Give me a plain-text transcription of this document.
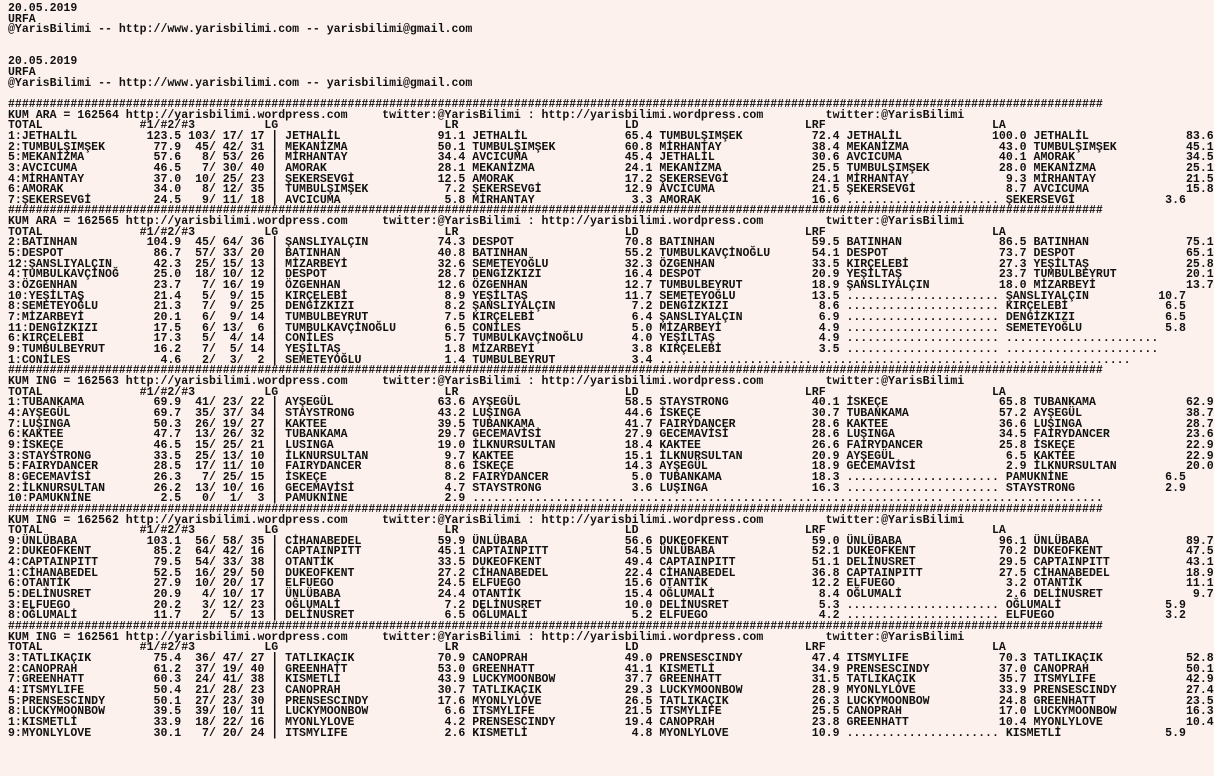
20.05.2019
URFA
@YarisBilimi -- http://www.yarisbilimi.com -- yarisbilimi@gmail.com

20.05.2019
URFA
@YarisBilimi -- http://www.yarisbilimi.com -- yarisbilimi@gmail.com

##############################################################################################################################################################
KUM ARA = 162564 http://yarisbilimi.wordpress.com     twitter:@YarisBilimi : http://yarisbilimi.wordpress.com         twitter:@YarisBilimi
TOTAL              #1/#2/#3          LG                        LR                        LD                        LRF                        LA
1:JETHALİL          123.5 103/ 17/ 17 | JETHALİL              91.1 JETHALİL              65.4 TUMBULŞIMŞEK          72.4 JETHALİL             100.0 JETHALİL              83.6
2:TUMBULŞIMŞEK       77.9  45/ 42/ 31 | MEKANİZMA             50.1 TUMBULŞIMŞEK          60.8 MİRHANTAY             38.4 MEKANİZMA             43.0 TUMBULŞIMŞEK          45.1
5:MEKANİZMA          57.6   8/ 53/ 26 | MİRHANTAY             34.4 AVCICUMA              45.4 JETHALİL              30.6 AVCICUMA              40.1 AMORAK                34.5
3:AVCICUMA           46.5   7/ 30/ 40 | AMORAK                28.1 MEKANİZMA             24.1 MEKANİZMA             25.5 TUMBULŞIMŞEK          28.0 MEKANİZMA             25.1
4:MİRHANTAY          37.0  10/ 25/ 23 | ŞEKERSEVGİ            12.5 AMORAK                17.2 ŞEKERSEVGİ            24.1 MİRHANTAY              9.3 MİRHANTAY             21.5
6:AMORAK             34.0   8/ 12/ 35 | TUMBULŞIMŞEK           7.2 ŞEKERSEVGİ            12.9 AVCICUMA              21.5 ŞEKERSEVGİ             8.7 AVCICUMA              15.8
7:ŞEKERSEVGİ         24.5   9/ 11/ 18 | AVCICUMA               5.8 MİRHANTAY              3.3 AMORAK                16.6 ...................... ŞEKERSEVGİ             3.6
##############################################################################################################################################################
KUM ARA = 162565 http://yarisbilimi.wordpress.com     twitter:@YarisBilimi : http://yarisbilimi.wordpress.com         twitter:@YarisBilimi
TOTAL              #1/#2/#3          LG                        LR                        LD                        LRF                        LA
2:BATINHAN          104.9  45/ 64/ 36 | ŞANSLIYALÇIN          74.3 DESPOT                70.8 BATINHAN              59.5 BATINHAN              86.5 BATINHAN              75.1
5:DESPOT             86.7  57/ 33/ 20 | BATINHAN              40.8 BATINHAN              55.2 TUMBULKAVÇİNOĞLU      54.1 DESPOT                73.7 DESPOT                65.1
12:ŞANSLIYALÇIN      42.3  25/ 15/ 13 | MİZARBEYİ             32.6 SEMETEYOĞLU           32.3 ÖZGENHAN              33.5 KIRÇELEBİ             27.3 YEŞİLTAŞ              25.8
4:TUMBULKAVÇİNOĞ     25.0  18/ 10/ 12 | DESPOT                28.7 DENGİZKIZI            16.4 DESPOT                20.9 YEŞİLTAŞ              23.7 TUMBULBEYRUT          20.1
3:ÖZGENHAN           23.7   7/ 16/ 19 | ÖZGENHAN              12.6 ÖZGENHAN              12.7 TUMBULBEYRUT          18.9 ŞANSLIYALÇIN          18.0 MİZARBEYİ             13.7
10:YEŞİLTAŞ          21.4   5/  9/ 15 | KIRÇELEBİ              8.9 YEŞİLTAŞ              11.7 SEMETEYOĞLU           13.5 ...................... ŞANSLIYALÇIN          10.7
8:SEMETEYOĞLU        21.3   7/  9/ 25 | DENGİZKIZI             8.2 ŞANSLIYALÇIN           7.2 DENGİZKIZI             8.6 ...................... KIRÇELEBİ              6.5
7:MİZARBEYİ          20.1   6/  9/ 14 | TUMBULBEYRUT           7.5 KIRÇELEBİ              6.4 ŞANSLIYALÇIN           6.9 ...................... DENGİZKIZI             6.5
11:DENGİZKIZI        17.5   6/ 13/  6 | TUMBULKAVÇİNOĞLU       6.5 CONİLES                5.0 MİZARBEYİ              4.9 ...................... SEMETEYOĞLU            5.8
6:KIRÇELEBİ          17.3   5/  4/ 14 | CONİLES                5.7 TUMBULKAVÇİNOĞLU       4.0 YEŞİLTAŞ               4.9 ...................... ......................
9:TUMBULBEYRUT       16.2   7/  5/ 14 | YEŞİLTAŞ               1.8 MİZARBEYİ              3.8 KIRÇELEBİ              3.5 ...................... ......................
1:CONİLES             4.6   2/  3/  2 | SEMETEYOĞLU            1.4 TUMBULBEYRUT           3.4 ...................... ...................... ......................
##############################################################################################################################################################
KUM ING = 162563 http://yarisbilimi.wordpress.com     twitter:@YarisBilimi : http://yarisbilimi.wordpress.com         twitter:@YarisBilimi
TOTAL              #1/#2/#3          LG                        LR                        LD                        LRF                        LA
1:TUBANKAMA          69.9  41/ 23/ 22 | AYŞEGÜL               63.6 AYŞEGÜL               58.5 STAYSTRONG            40.1 İSKEÇE                65.8 TUBANKAMA             62.9
4:AYŞEGÜL            69.7  35/ 37/ 34 | STAYSTRONG            43.2 LUŞINGA               44.6 İSKEÇE                30.7 TUBANKAMA             57.2 AYŞEGÜL               38.7
7:LUŞINGA            50.3  26/ 19/ 27 | KAKTEE                39.5 TUBANKAMA             41.7 FAIRYDANCER           28.6 KAKTEE                36.6 LUŞINGA               28.7
6:KAKTEE             47.7  13/ 26/ 32 | TUBANKAMA             29.7 GECEMAVİSİ            27.9 GECEMAVİSİ            28.6 LUŞINGA               34.5 FAIRYDANCER           23.6
9:İSKEÇE             46.5  15/ 25/ 21 | LUSINGA               19.0 İLKNURSULTAN          18.4 KAKTEE                26.6 FAIRYDANCER           25.8 İSKEÇE                22.9
3:STAYSTRONG         33.5  25/ 13/ 10 | İLKNURSULTAN           9.7 KAKTEE                15.1 İLKNURSULTAN          20.9 AYŞEGÜL                6.5 KAKTEE                22.9
5:FAIRYDANCER        28.5  17/ 11/ 10 | FAIRYDANCER            8.6 İSKEÇE                14.3 AYŞEGÜL               18.9 GECEMAVİSİ             2.9 İLKNURSULTAN          20.0
8:GECEMAVİSİ         26.3   7/ 25/ 15 | İSKEÇE                 8.2 FAIRYDANCER            5.0 TUBANKAMA             18.3 ...................... PAMUKNİNE              6.5
2:İLKNURSULTAN       26.2  13/ 10/ 16 | GECEMAVİSİ             4.7 STAYSTRONG             3.6 LUŞINGA               16.3 ...................... STAYSTRONG             2.9
10:PAMUKNİNE          2.5   0/  1/  3 | PAMUKNİNE              2.9 ...................... ...................... ...................... ......................
##############################################################################################################################################################
KUM ING = 162562 http://yarisbilimi.wordpress.com     twitter:@YarisBilimi : http://yarisbilimi.wordpress.com         twitter:@YarisBilimi
TOTAL              #1/#2/#3          LG                        LR                        LD                        LRF                        LA
9:ÜNLÜBABA          103.1  56/ 58/ 35 | CİHANABEDEL           59.9 ÜNLÜBABA              56.6 DUKEOFKENT            59.0 ÜNLÜBABA              96.1 ÜNLÜBABA              89.7
2:DUKEOFKENT         85.2  64/ 42/ 16 | CAPTAINPITT           45.1 CAPTAINPITT           54.5 ÜNLÜBABA              52.1 DUKEOFKENT            70.2 DUKEOFKENT            47.5
4:CAPTAINPITT        79.5  54/ 33/ 38 | OTANTİK               33.5 DUKEOFKENT            49.4 CAPTAINPITT           51.1 DELİNUSRET            29.5 CAPTAINPITT           43.1
1:CİHANABEDEL        52.5  16/ 29/ 50 | DUKEOFKENT            27.2 CİHANABEDEL           22.4 CİHANABEDEL           36.8 CAPTAINPITT           27.5 CİHANABEDEL           18.9
6:OTANTİK            27.9  10/ 20/ 17 | ELFUEGO               24.5 ELFUEGO               15.6 OTANTİK               12.2 ELFUEGO                3.2 OTANTİK               11.1
5:DELİNUSRET         20.9   4/ 10/ 17 | ÜNLÜBABA              24.4 OTANTİK               15.4 OĞLUMALİ               8.4 OĞLUMALİ               2.6 DELİNUSRET             9.7
3:ELFUEGO            20.2   3/ 12/ 23 | OĞLUMALİ               7.2 DELİNUSRET            10.0 DELİNUSRET             5.3 ...................... OĞLUMALİ               5.9
8:OĞLUMALİ           11.7   2/  5/ 13 | DELİNUSRET             6.5 OĞLUMALİ               5.2 ELFUEGO                4.2 ...................... ELFUEGO                3.2
##############################################################################################################################################################
KUM ING = 162561 http://yarisbilimi.wordpress.com     twitter:@YarisBilimi : http://yarisbilimi.wordpress.com         twitter:@YarisBilimi
TOTAL              #1/#2/#3          LG                        LR                        LD                        LRF                        LA
3:TATLIKAÇIK         75.4  36/ 47/ 27 | TATLIKAÇIK            70.9 CANOPRAH              49.0 PRENSESCINDY          47.4 ITSMYLIFE             70.3 TATLIKAÇIK            52.8
2:CANOPRAH           61.2  37/ 19/ 40 | GREENHATT             53.0 GREENHATT             41.1 KISMETLİ              34.9 PRENSESCINDY          37.0 CANOPRAH              50.1
7:GREENHATT          60.3  24/ 41/ 38 | KISMETLİ              43.9 LUCKYMOONBOW          37.7 GREENHATT             31.5 TATLIKAÇIK            35.7 ITSMYLIFE             42.9
4:ITSMYLIFE          50.4  21/ 28/ 23 | CANOPRAH              30.7 TATLIKAÇIK            29.3 LUCKYMOONBOW          28.9 MYONLYLOVE            33.9 PRENSESCINDY          27.4
5:PRENSESCINDY       50.1  27/ 23/ 30 | PRENSESCINDY          17.6 MYONLYLOVE            26.5 TATLIKAÇIK            26.3 LUCKYMOONBOW          24.8 GREENHATT             23.5
8:LUCKYMOONBOW       39.5  39/ 10/ 11 | LUCKYMOONBOW           6.6 ITSMYLIFE             21.5 ITSMYLIFE             25.5 CANOPRAH              17.0 LUCKYMOONBOW          16.3
1:KISMETLİ           33.9  18/ 22/ 16 | MYONLYLOVE             4.2 PRENSESCINDY          19.4 CANOPRAH              23.8 GREENHATT             10.4 MYONLYLOVE            10.4
9:MYONLYLOVE         30.1   7/ 20/ 24 | ITSMYLIFE              2.6 KISMETLİ               4.8 MYONLYLOVE            10.9 ...................... KISMETLİ               5.9
